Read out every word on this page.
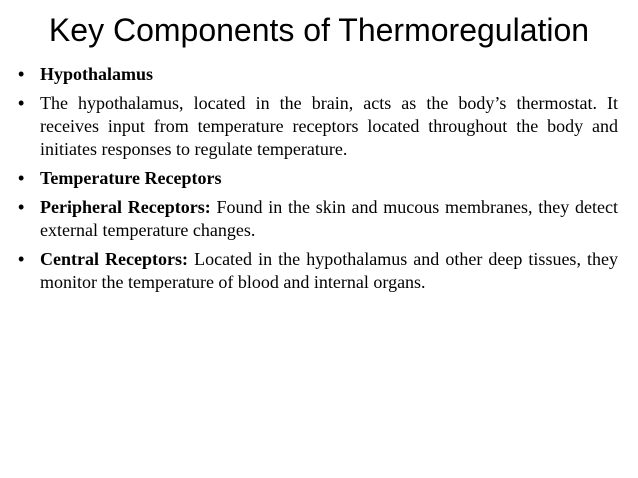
Key Components of Thermoregulation
• Hypothalamus
• The hypothalamus, located in the brain, acts as the body’s thermostat. It receives input from temperature receptors located throughout the body and initiates responses to regulate temperature.
• Temperature Receptors
• Peripheral Receptors: Found in the skin and mucous membranes, they detect external temperature changes.
• Central Receptors: Located in the hypothalamus and other deep tissues, they monitor the temperature of blood and internal organs.
